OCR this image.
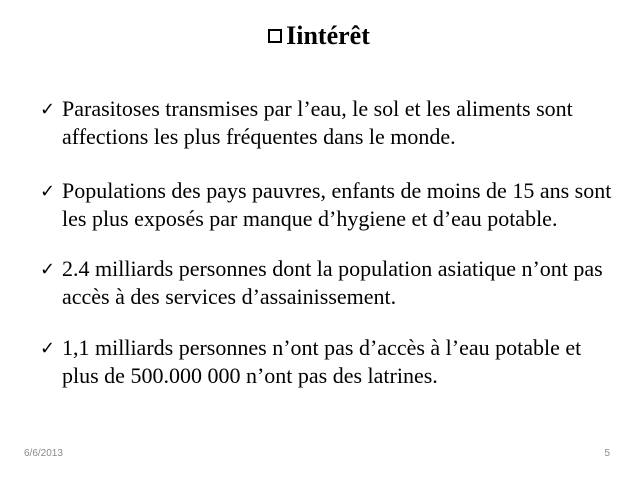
Iintérêt
✓ Parasitoses transmises par l’eau, le sol et les aliments sont affections les plus fréquentes dans le monde.
✓ Populations des pays pauvres, enfants de moins de 15 ans sont les plus exposés par manque d’hygiene et d’eau potable.
✓ 2.4 milliards personnes dont la population asiatique n’ont pas accès à des services d’assainissement.
✓ 1,1 milliards personnes n’ont pas d’accès à l’eau potable et plus de 500.000 000 n’ont pas des latrines.
6/6/2013	5
